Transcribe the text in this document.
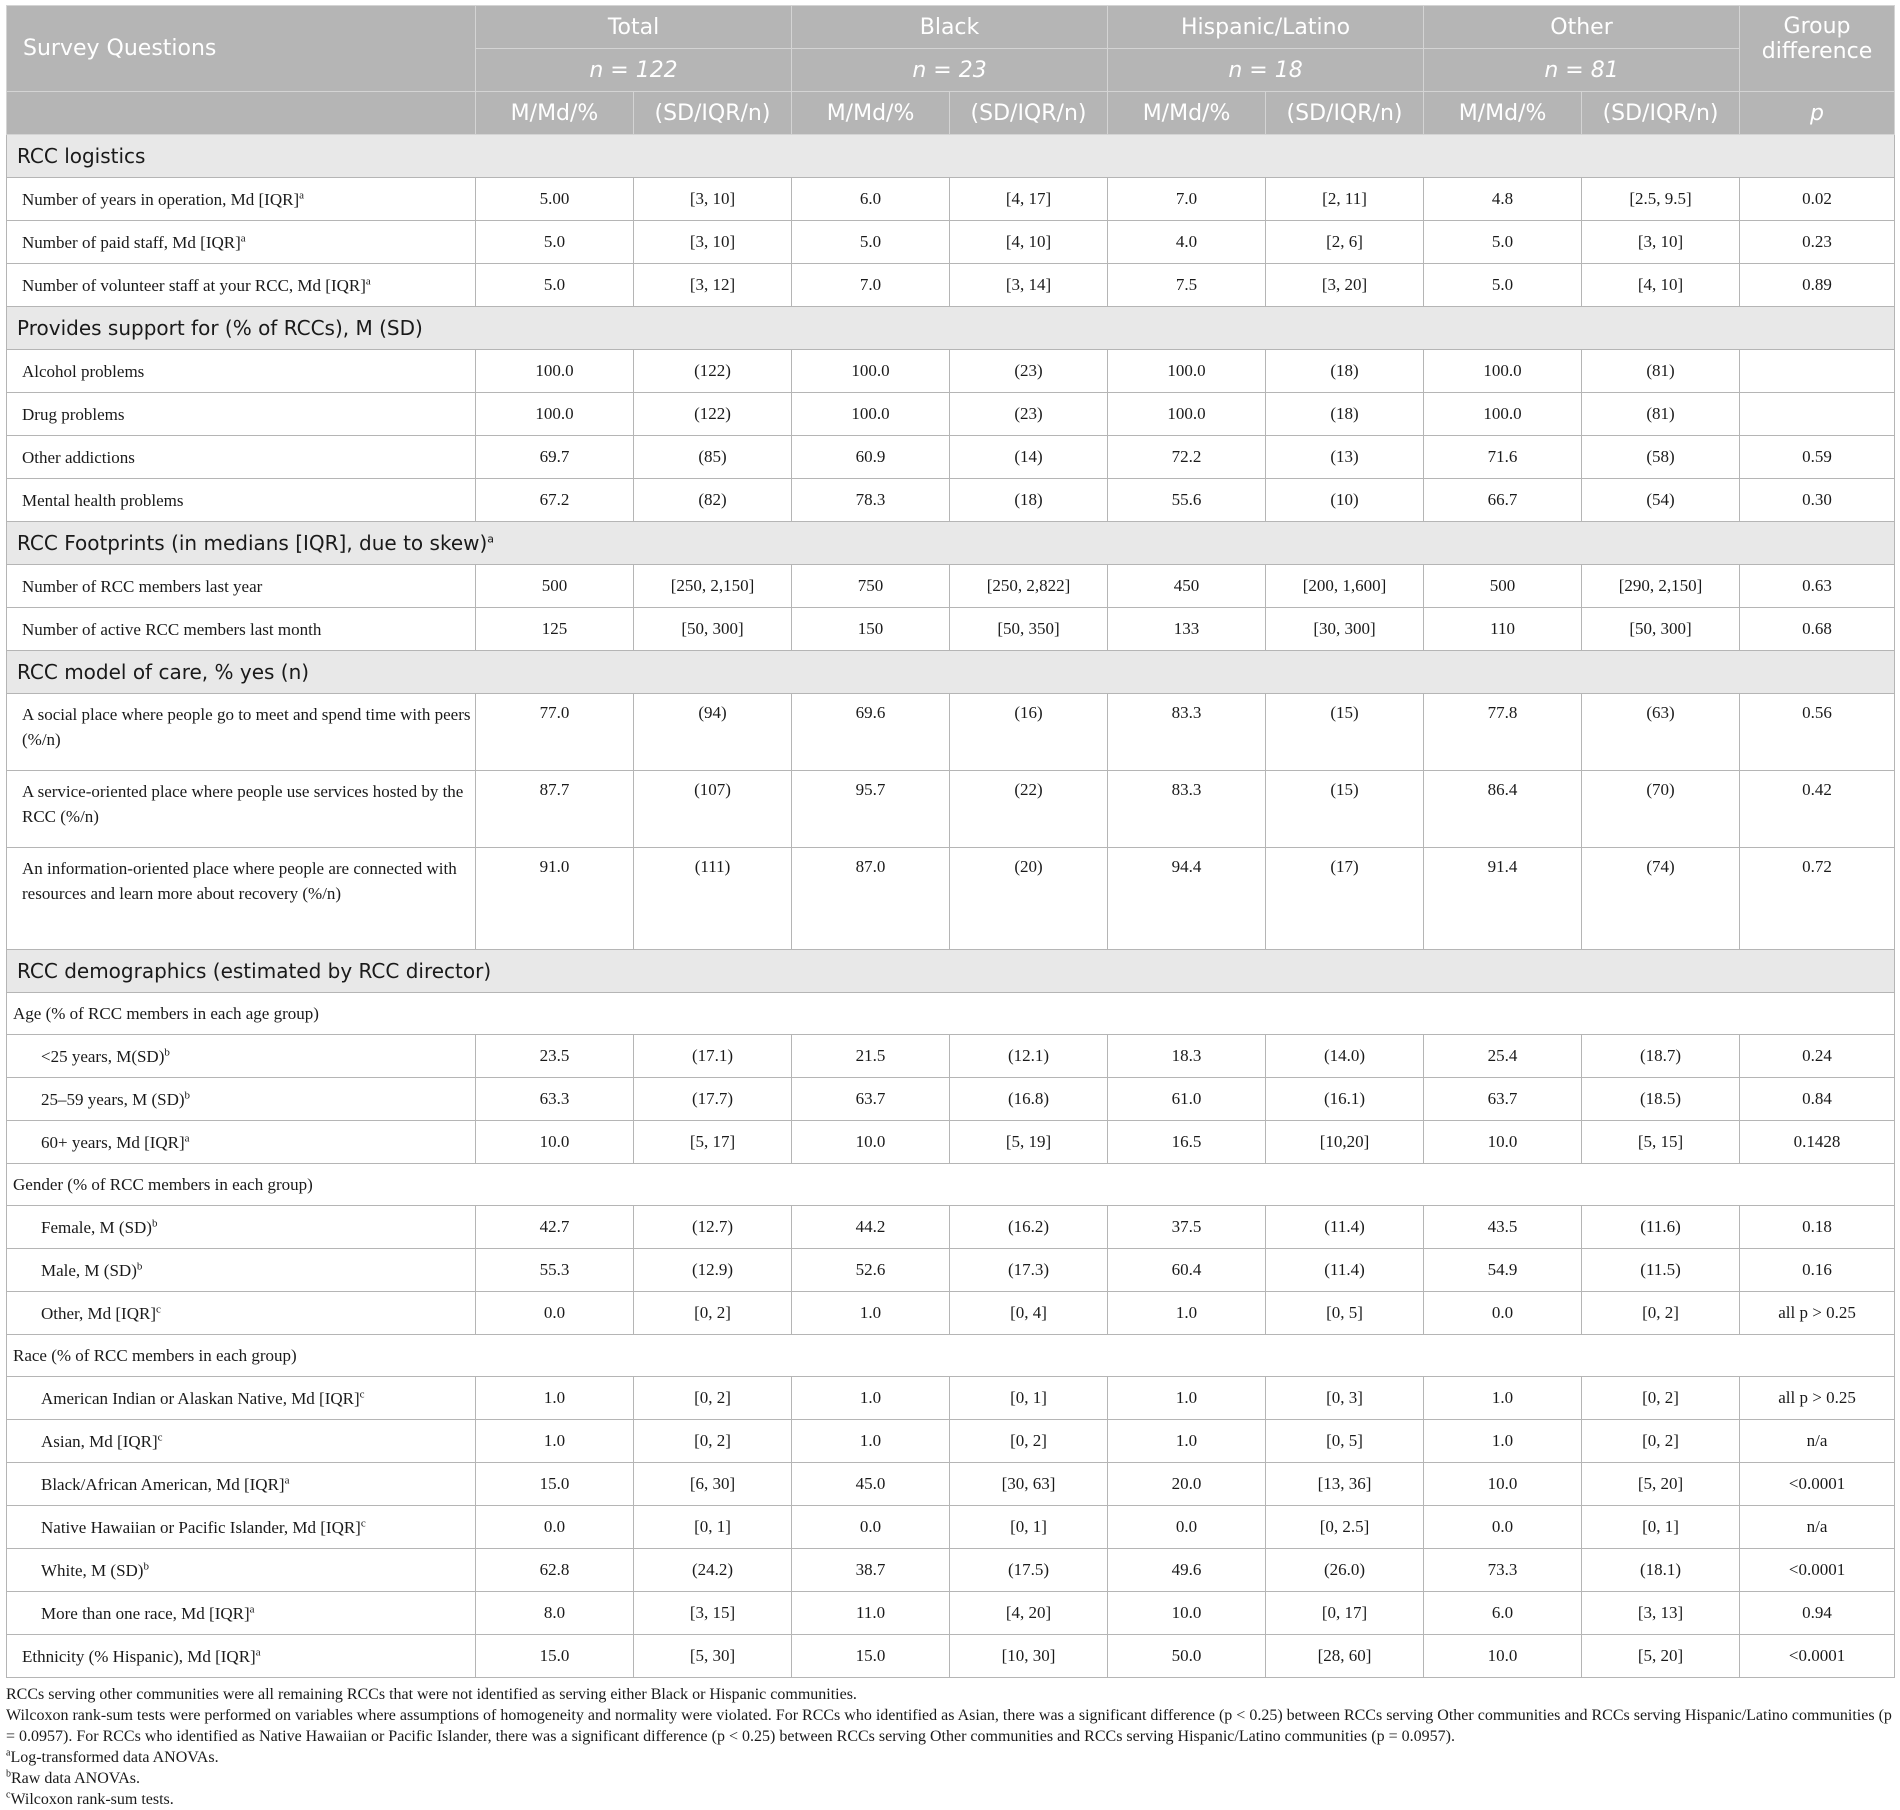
Survey Questions	Total		Black		Hispanic/Latino		Other		Group difference
	n = 122		n = 23		n = 18		n = 81		
	M/Md/%	(SD/IQR/n)	M/Md/%	(SD/IQR/n)	M/Md/%	(SD/IQR/n)	M/Md/%	(SD/IQR/n)	p
RCC logistics									
Number of years in operation, Md [IQR]$^a$	5.00	[3, 10]	6.0	[4, 17]	7.0	[2, 11]	4.8	[2.5, 9.5]	0.02
Number of paid staff, Md [IQR]$^a$	5.0	[3, 10]	5.0	[4, 10]	4.0	[2, 6]	5.0	[3, 10]	0.23
Number of volunteer staff at your RCC, Md [IQR]$^a$	5.0	[3, 12]	7.0	[3, 14]	7.5	[3, 20]	5.0	[4, 10]	0.89
Provides support for (% of RCCs), M (SD)									
Alcohol problems	100.0	(122)	100.0	(23)	100.0	(18)	100.0	(81)	
Drug problems	100.0	(122)	100.0	(23)	100.0	(18)	100.0	(81)	
Other addictions	69.7	(85)	60.9	(14)	72.2	(13)	71.6	(58)	0.59
Mental health problems	67.2	(82)	78.3	(18)	55.6	(10)	66.7	(54)	0.30
RCC Footprints (in medians [IQR], due to skew)$^a$
Number of RCC members last year	500	[250, 2,150]	750	[250, 2,822]	450	[200, 1,600]	500	[290, 2,150]	0.63
Number of active RCC members last month	125	[50, 300]	150	[50, 350]	133	[30, 300]	110	[50, 300]	0.68
RCC model of care, % yes (n)									
A social place where people go to meet and spend time with peers (%/n)	77.0	(94)	69.6	(16)	83.3	(15)	77.8	(63)	0.56
A service-oriented place where people use services hosted by the RCC (%/n)	87.7	(107)	95.7	(22)	83.3	(15)	86.4	(70)	0.42
An information-oriented place where people are connected with resources and learn more about recovery (%/n)	91.0	(111)	87.0	(20)	94.4	(17)	91.4	(74)	0.72
RCC demographics (estimated by RCC director)									
Age (% of RCC members in each age group)									
<25 years, M(SD)$^b$	23.5	(17.1)	21.5	(12.1)	18.3	(14.0)	25.4	(18.7)	0.24
25–59 years, M (SD)$^b$	63.3	(17.7)	63.7	(16.8)	61.0	(16.1)	63.7	(18.5)	0.84
60+ years, Md [IQR]$^a$	10.0	[5, 17]	10.0	[5, 19]	16.5	[10,20]	10.0	[5, 15]	0.1428
Gender (% of RCC members in each group)									
Female, M (SD)$^b$	42.7	(12.7)	44.2	(16.2)	37.5	(11.4)	43.5	(11.6)	0.18
Male, M (SD)$^b$	55.3	(12.9)	52.6	(17.3)	60.4	(11.4)	54.9	(11.5)	0.16
Other, Md [IQR]$^c$	0.0	[0, 2]	1.0	[0, 4]	1.0	[0, 5]	0.0	[0, 2]	all p > 0.25
Race (% of RCC members in each group)									
American Indian or Alaskan Native, Md [IQR]$^c$	1.0	[0, 2]	1.0	[0, 1]	1.0	[0, 3]	1.0	[0, 2]	all p > 0.25
Asian, Md [IQR]$^c$	1.0	[0, 2]	1.0	[0, 2]	1.0	[0, 5]	1.0	[0, 2]	n/a
Black/African American, Md [IQR]$^a$	15.0	[6, 30]	45.0	[30, 63]	20.0	[13, 36]	10.0	[5, 20]	<0.0001
Native Hawaiian or Pacific Islander, Md [IQR]$^c$	0.0	[0, 1]	0.0	[0, 1]	0.0	[0, 2.5]	0.0	[0, 1]	n/a
White, M (SD)$^b$	62.8	(24.2)	38.7	(17.5)	49.6	(26.0)	73.3	(18.1)	<0.0001
More than one race, Md [IQR]$^a$	8.0	[3, 15]	11.0	[4, 20]	10.0	[0, 17]	6.0	[3, 13]	0.94
Ethnicity (% Hispanic), Md [IQR]$^a$	15.0	[5, 30]	15.0	[10, 30]	50.0	[28, 60]	10.0	[5, 20]	<0.0001

RCCs serving other communities were all remaining RCCs that were not identified as serving either Black or Hispanic communities.

Wilcoxon rank-sum tests were performed on variables where assumptions of homogeneity and normality were violated. For RCCs who identified as Asian, there was a significant difference (p < 0.25) between RCCs serving Other communities and RCCs serving Hispanic/Latino communities (p = 0.0957). For RCCs who identified as Native Hawaiian or Pacific Islander, there was a significant difference (p < 0.25) between RCCs serving Other communities and RCCs serving Hispanic/Latino communities (p = 0.0957).

$^a$Log-transformed data ANOVAs.

$^b$Raw data ANOVAs.

$^c$Wilcoxon rank-sum tests.
